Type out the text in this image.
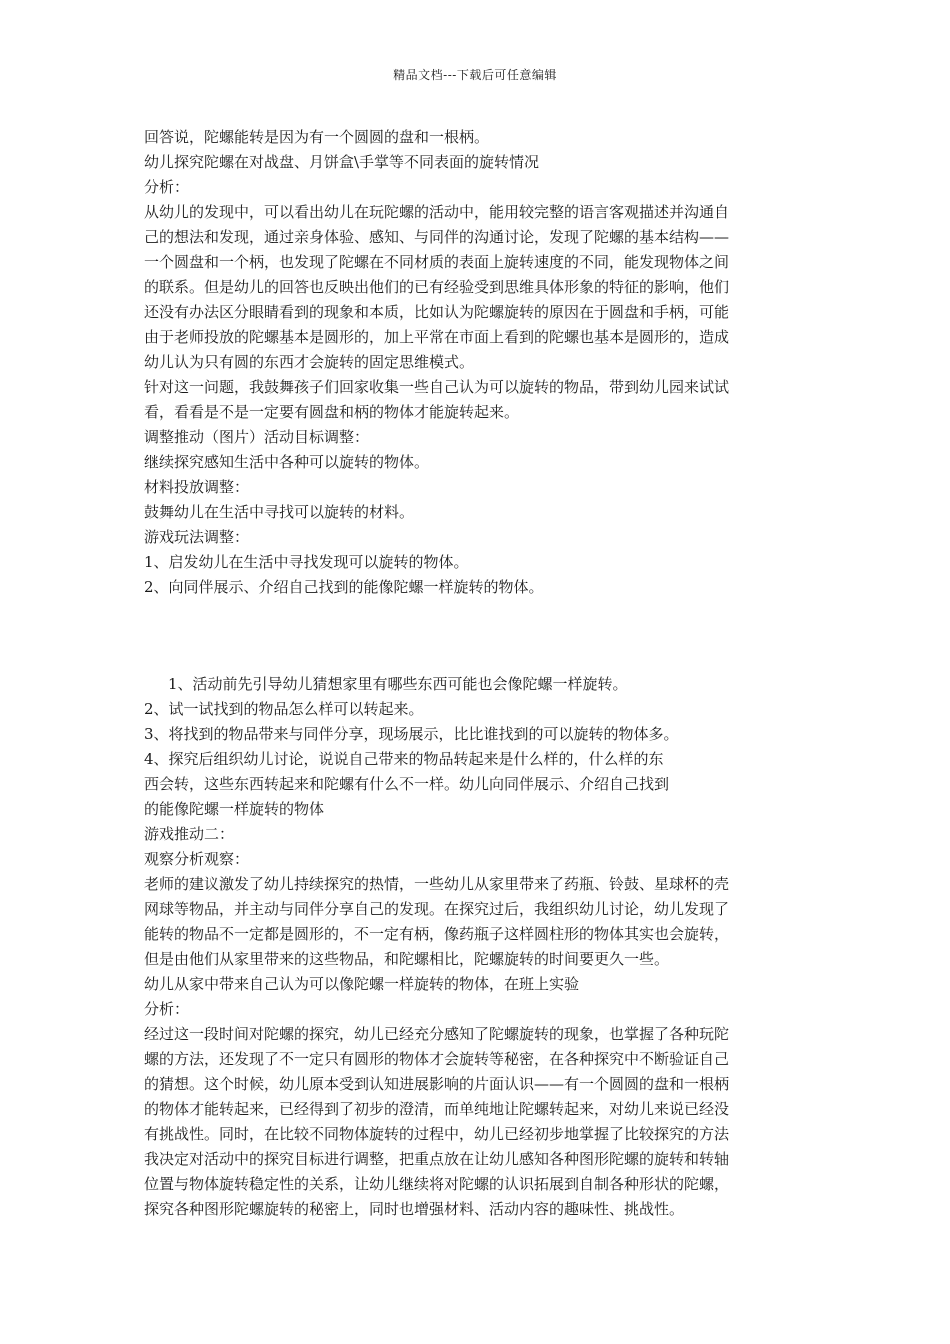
精品文档---下载后可任意编辑

回答说，陀螺能转是因为有一个圆圆的盘和一根柄。

幼儿探究陀螺在对战盘、月饼盒\手掌等不同表面的旋转情况

分析：

从幼儿的发现中，可以看出幼儿在玩陀螺的活动中，能用较完整的语言客观描述并沟通自

己的想法和发现，通过亲身体验、感知、与同伴的沟通讨论，发现了陀螺的基本结构——

一个圆盘和一个柄，也发现了陀螺在不同材质的表面上旋转速度的不同，能发现物体之间

的联系。但是幼儿的回答也反映出他们的已有经验受到思维具体形象的特征的影响，他们

还没有办法区分眼睛看到的现象和本质，比如认为陀螺旋转的原因在于圆盘和手柄，可能

由于老师投放的陀螺基本是圆形的，加上平常在市面上看到的陀螺也基本是圆形的，造成

幼儿认为只有圆的东西才会旋转的固定思维模式。

针对这一问题，我鼓舞孩子们回家收集一些自己认为可以旋转的物品，带到幼儿园来试试

看，看看是不是一定要有圆盘和柄的物体才能旋转起来。

调整推动（图片）活动目标调整：

继续探究感知生活中各种可以旋转的物体。

材料投放调整：

鼓舞幼儿在生活中寻找可以旋转的材料。

游戏玩法调整：

1、启发幼儿在生活中寻找发现可以旋转的物体。

2、向同伴展示、介绍自己找到的能像陀螺一样旋转的物体。

1、活动前先引导幼儿猜想家里有哪些东西可能也会像陀螺一样旋转。

2、试一试找到的物品怎么样可以转起来。

3、将找到的物品带来与同伴分享，现场展示，比比谁找到的可以旋转的物体多。

4、探究后组织幼儿讨论，说说自己带来的物品转起来是什么样的，什么样的东

西会转，这些东西转起来和陀螺有什么不一样。幼儿向同伴展示、介绍自己找到

的能像陀螺一样旋转的物体

游戏推动二：

观察分析观察：

老师的建议激发了幼儿持续探究的热情，一些幼儿从家里带来了药瓶、铃鼓、星球杯的壳

网球等物品，并主动与同伴分享自己的发现。在探究过后，我组织幼儿讨论，幼儿发现了

能转的物品不一定都是圆形的，不一定有柄，像药瓶子这样圆柱形的物体其实也会旋转，

但是由他们从家里带来的这些物品，和陀螺相比，陀螺旋转的时间要更久一些。

幼儿从家中带来自己认为可以像陀螺一样旋转的物体，在班上实验

分析：

经过这一段时间对陀螺的探究，幼儿已经充分感知了陀螺旋转的现象，也掌握了各种玩陀

螺的方法，还发现了不一定只有圆形的物体才会旋转等秘密，在各种探究中不断验证自己

的猜想。这个时候，幼儿原本受到认知进展影响的片面认识——有一个圆圆的盘和一根柄

的物体才能转起来，已经得到了初步的澄清，而单纯地让陀螺转起来，对幼儿来说已经没

有挑战性。同时，在比较不同物体旋转的过程中，幼儿已经初步地掌握了比较探究的方法

我决定对活动中的探究目标进行调整，把重点放在让幼儿感知各种图形陀螺的旋转和转轴

位置与物体旋转稳定性的关系，让幼儿继续将对陀螺的认识拓展到自制各种形状的陀螺，

探究各种图形陀螺旋转的秘密上，同时也增强材料、活动内容的趣味性、挑战性。
